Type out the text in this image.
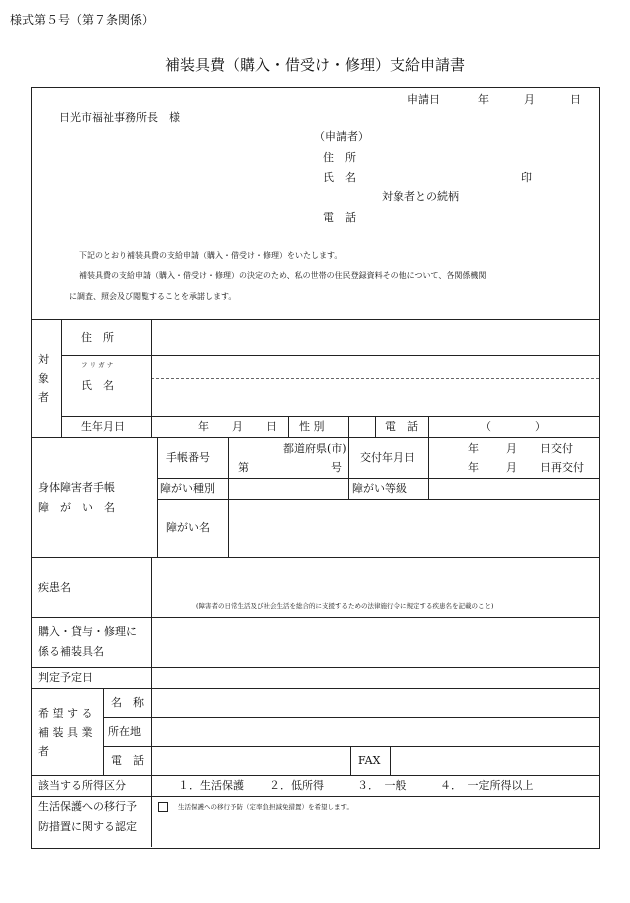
様式第５号（第７条関係）
補装具費（購入・借受け・修理）支給申請書
申請日	年	月	日
日光市福祉事務所長　様
（申請者）
住　所
氏　名	印
対象者との続柄
電　話
下記のとおり補装具費の支給申請（購入・借受け・修理）をいたします。
補装具費の支給申請（購入・借受け・修理）の決定のため、私の世帯の住民登録資料その他について、各関係機関
に調査、照会及び閲覧することを承諾します。
対象者
住　所
フ リ ガ ナ
氏　名
生年月日	年 月 日 性 別	電　話	（　　　　）
身体障害者手帳
障　が　い　名
手帳番号
都道府県(市)
第	号
交付年月日
年 月 日交付
年 月 日再交付
障がい種別	障がい等級
障がい名
疾患名
(障害者の日常生活及び社会生活を総合的に支援するための法律施行令に規定する疾患名を記載のこと)
購入・貸与・修理に
係る補装具名
判定予定日
希 望 す る
補 装 具 業
者
名　称
所在地
電　話	FAX
該当する所得区分	１．生活保護 ２．低所得	３．　一般	４．　一定所得以上
生活保護への移行予
防措置に関する認定
生活保護への移行予防（定率負担減免措置）を希望します。
